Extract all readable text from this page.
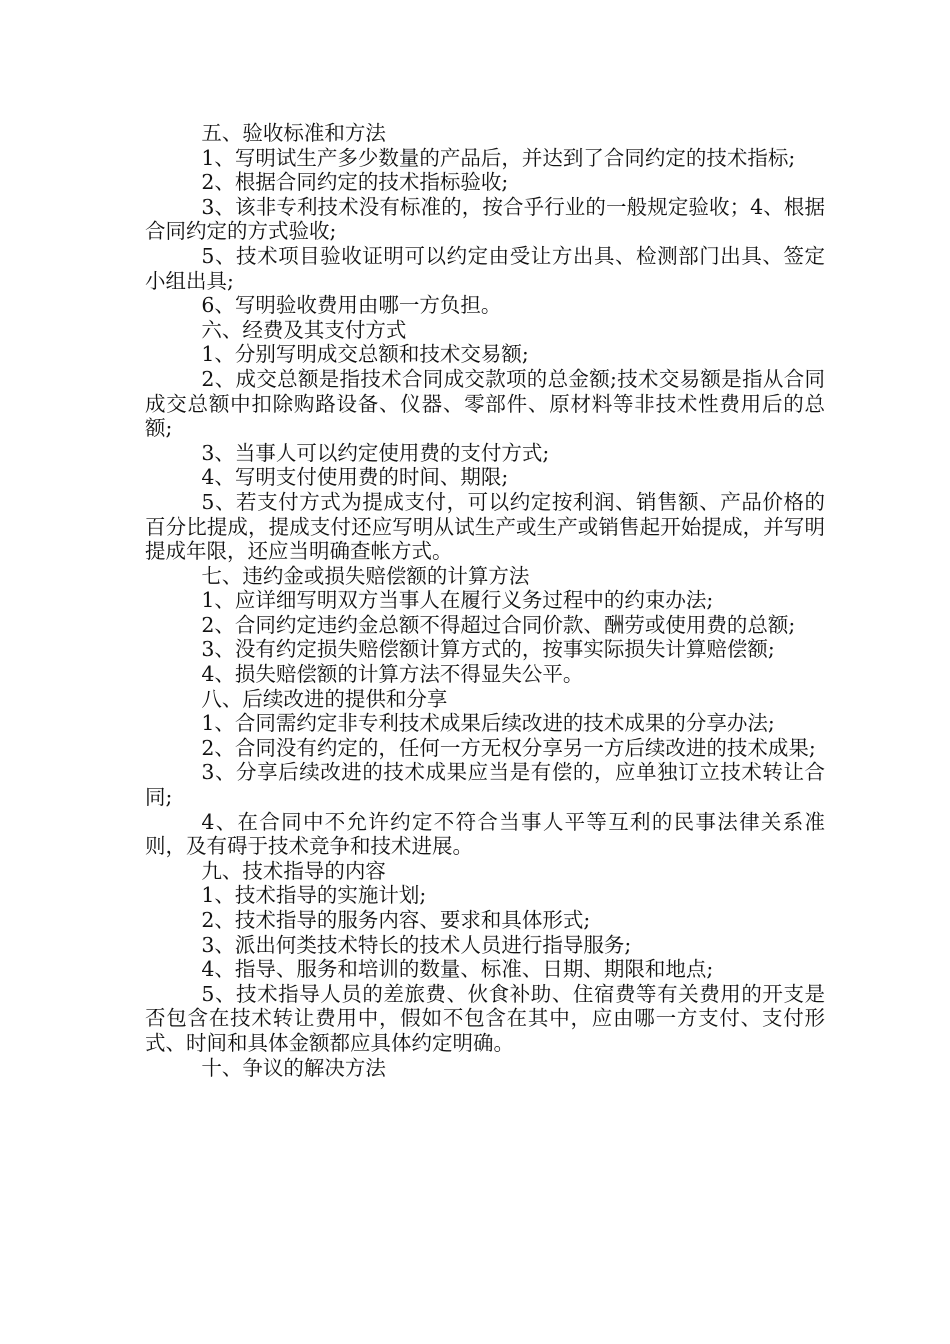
五、验收标准和方法

1、写明试生产多少数量的产品后，并达到了合同约定的技术指标;

2、根据合同约定的技术指标验收;

3、该非专利技术没有标准的，按合乎行业的一般规定验收；4、根据合同约定的方式验收;

5、技术项目验收证明可以约定由受让方出具、检测部门出具、签定小组出具;

6、写明验收费用由哪一方负担。

六、经费及其支付方式

1、分别写明成交总额和技术交易额;

2、成交总额是指技术合同成交款项的总金额;技术交易额是指从合同成交总额中扣除购路设备、仪器、零部件、原材料等非技术性费用后的总额;

3、当事人可以约定使用费的支付方式;

4、写明支付使用费的时间、期限;

5、若支付方式为提成支付，可以约定按利润、销售额、产品价格的百分比提成，提成支付还应写明从试生产或生产或销售起开始提成，并写明提成年限，还应当明确查帐方式。

七、违约金或损失赔偿额的计算方法

1、应详细写明双方当事人在履行义务过程中的约束办法;

2、合同约定违约金总额不得超过合同价款、酬劳或使用费的总额;

3、没有约定损失赔偿额计算方式的，按事实际损失计算赔偿额;

4、损失赔偿额的计算方法不得显失公平。

八、后续改进的提供和分享

1、合同需约定非专利技术成果后续改进的技术成果的分享办法;

2、合同没有约定的，任何一方无权分享另一方后续改进的技术成果;

3、分享后续改进的技术成果应当是有偿的，应单独订立技术转让合同;

4、在合同中不允许约定不符合当事人平等互利的民事法律关系准则，及有碍于技术竞争和技术进展。

九、技术指导的内容

1、技术指导的实施计划;

2、技术指导的服务内容、要求和具体形式;

3、派出何类技术特长的技术人员进行指导服务;

4、指导、服务和培训的数量、标准、日期、期限和地点;

5、技术指导人员的差旅费、伙食补助、住宿费等有关费用的开支是否包含在技术转让费用中，假如不包含在其中，应由哪一方支付、支付形式、时间和具体金额都应具体约定明确。

十、争议的解决方法
